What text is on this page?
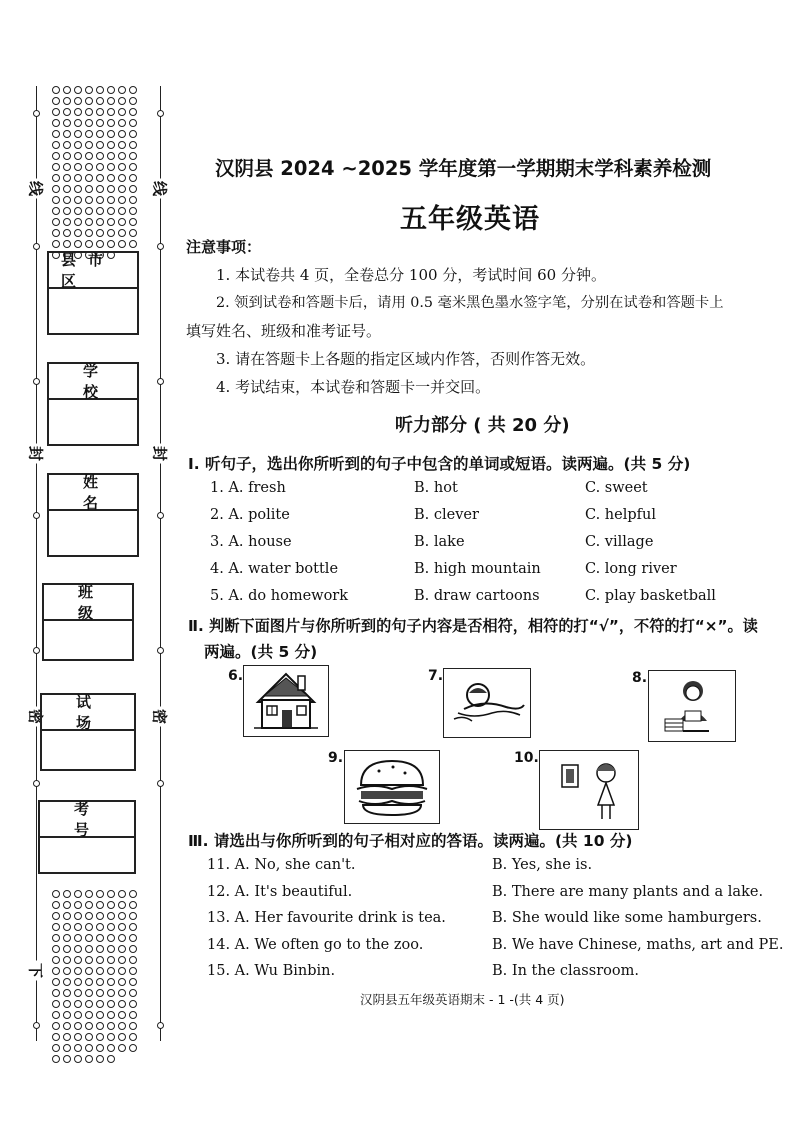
线	线
封	封
密	密
下
县市区
学校
姓名
班级
试场
考号
汉阴县 2024 ~2025 学年度第一学期期末学科素养检测
五年级英语
注意事项：
1. 本试卷共 4 页，全卷总分 100 分，考试时间 60 分钟。
2. 领到试卷和答题卡后，请用 0.5 毫米黑色墨水签字笔，分别在试卷和答题卡上
填写姓名、班级和准考证号。
3. 请在答题卡上各题的指定区域内作答，否则作答无效。
4. 考试结束，本试卷和答题卡一并交回。
听力部分 ( 共 20 分)
Ⅰ. 听句子，选出你所听到的句子中包含的单词或短语。读两遍。(共 5 分)
1. A. fresh	B. hot	C. sweet
2. A. polite	B. clever	C. helpful
3. A. house	B. lake	C. village
4. A. water bottle	B. high mountain	C. long river
5. A. do homework	B. draw cartoons	C. play basketball
Ⅱ. 判断下面图片与你所听到的句子内容是否相符，相符的打“√”，不符的打“×”。读
两遍。(共 5 分)
6.	7.	8.
9.	10.
Ⅲ. 请选出与你所听到的句子相对应的答语。读两遍。(共 10 分)
11. A. No, she can't.	B. Yes, she is.
12. A. It's beautiful.	B. There are many plants and a lake.
13. A. Her favourite drink is tea.	B. She would like some hamburgers.
14. A. We often go to the zoo.	B. We have Chinese, maths, art and PE.
15. A. Wu Binbin.	B. In the classroom.
汉阴县五年级英语期末 - 1 -(共 4 页)
